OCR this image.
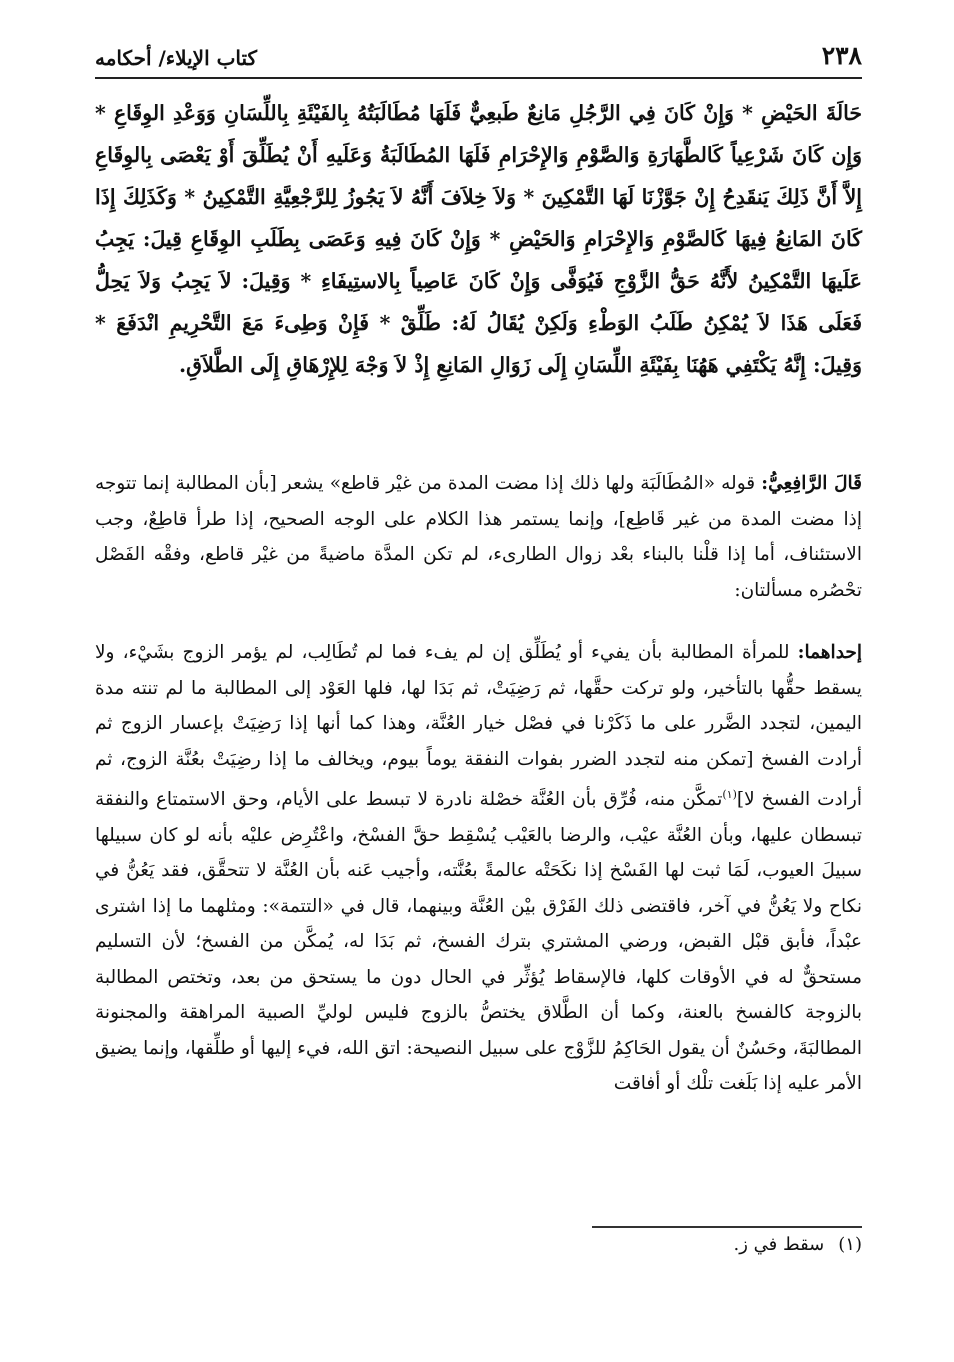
٢٣٨
كتاب الإيلاء/ أحكامه

حَالَةَ الحَيْضِ * وَإِنْ كَانَ فِي الرَّجُلِ مَانِعٌ طَبعِيٌّ فَلَهَا مُطَالَبَتُهُ بِالفَيْئَةِ بِاللِّسَانِ وَوَعْدِ الوِقَاعِ * وَإِن كَانَ شَرْعِياً كَالطَّهَارَةِ وَالصَّوْمِ وَالإِحْرَامِ فَلَهَا المُطَالَبَةُ وَعَلَيهِ أَنْ يُطَلِّقَ أَوْ يَعْصَى بِالوِقَاعِ إِلاَّ أَنَّ ذَلِكَ يَنقَدِحُ إِنْ جَوَّزْنَا لَهَا التَّمْكِينَ * وَلاَ خِلاَفَ أَنَّهُ لاَ يَجُوزُ لِلرَّجْعِيَّةِ التَّمْكِينُ * وَكَذَلِكَ إِذَا كَانَ المَانِعُ فِيهَا كَالصَّوْمِ وَالإِحْرَامِ وَالحَيْضِ * وَإِنْ كَانَ فِيهِ وَعَصَى بِطَلَبِ الوِقَاعِ قِيلَ: يَجِبُ عَلَيهَا التَّمْكِينُ لأَنَّهُ حَقُّ الزَّوْجِ فَيُوَفَّى وَإِنْ كَانَ عَاصِياً بِالاستِيفَاءِ * وَقِيلَ: لاَ يَجِبُ وَلاَ يَحِلُّ فَعَلَى هَذَا لاَ يُمْكِنُ طَلَبُ الوَطْءِ وَلَكِنْ يُقَالُ لَهُ: طَلِّقْ * فَإِنْ وَطِىءَ مَعَ التَّحْرِيمِ انْدَفَعَ * وَقِيلَ: إِنَّهُ يَكْتَفِي هَهُنَا بِفَيْئَةِ اللِّسَانِ إِلَى زَوَالِ المَانِعِ إِذْ لاَ وَجْهَ لِلإِرْهَاقِ إِلَى الطَّلاَقِ.

قَالَ الرَّافِعِيُّ: قوله «المُطَالَبَة ولها ذلك إذا مضت المدة من غيْر قاطع» يشعر [بأن المطالبة إنما تتوجه إذا مضت المدة من غير قَاطِع]، وإنما يستمر هذا الكلام على الوجه الصحيح، إذا طرأ قاطِعٌ، وجب الاستئناف، أما إذا قلْنا بالبناء بعْد زوال الطارىء، لم تكن المدَّة ماضيةً من غيْر قاطع، وفقْه الفَصْل تحْصُره مسألتان:

إحداهما: للمرأة المطالبة بأن يفيء أو يُطَلِّق إن لم يفء فما لم تُطَالِب، لم يؤمر الزوج بشَيْء، ولا يسقط حقُّها بالتأخير، ولو تركت حقَّها، ثم رَضِيَتْ، ثم بَدَا لها، فلها العَوْد إلى المطالبة ما لم تنته مدة اليمين، لتجدد الضَّرر على ما ذَكَرْنا في فصْل خيار العُنَّة، وهذا كما أنها إذا رَضِيَتْ بإعسار الزوج ثم أرادت الفسخ [تمكن منه لتجدد الضرر بفوات النفقة يوماً بيوم، ويخالف ما إذا رضِيَتْ بعُنَّة الزوج، ثم أرادت الفسخ لا]$^{(١)}$تمكَّن منه، فُرِّق بأن العُنَّة خصْلة نادرة لا تبسط على الأيام، وحق الاستمتاع والنفقة تبسطان عليها، وبأن العُنَّة عيْب، والرضا بالعَيْب يُسْقِط حقَّ الفسْخ، واعْتُرِض عليْه بأنه لو كان سبيلها سبيلَ العيوب، لَمَا ثبت لها الفَسْخ إذا نكَحَتْه عالمةً بعُنَّته، وأجيب عَنه بأن العُنَّة لا تتحقَّق، فقد يَعُنُّ في نكاح ولا يَعُنُّ في آخر، فاقتضى ذلك الفَرْق بيْن العُنَّة وبينهما، قال في «التتمة»: ومثلهما ما إذا اشترى عبْداً، فأبق قبْل القبض، ورضي المشتري بترك الفسخ، ثم بَدَا له، يُمكَّن من الفسخ؛ لأن التسليم مستحقٌّ له في الأوقات كلها، فالإسقاط يُؤثِّر في الحال دون ما يستحق من بعد، وتختص المطالبة بالزوجة كالفسخ بالعنة، وكما أن الطَّلاق يختصُّ بالزوج فليس لوليِّ الصبية المراهقة والمجنونة المطالبَةَ، وحَسُنٌ أن يقول الحَاكِمُ للزَّوْج على سبيل النصيحة: اتق الله، فيء إليها أو طلِّقها، وإنما يضيق الأمر عليه إذا بَلَغت تلْك أو أفاقت

(١)سقط في ز.
